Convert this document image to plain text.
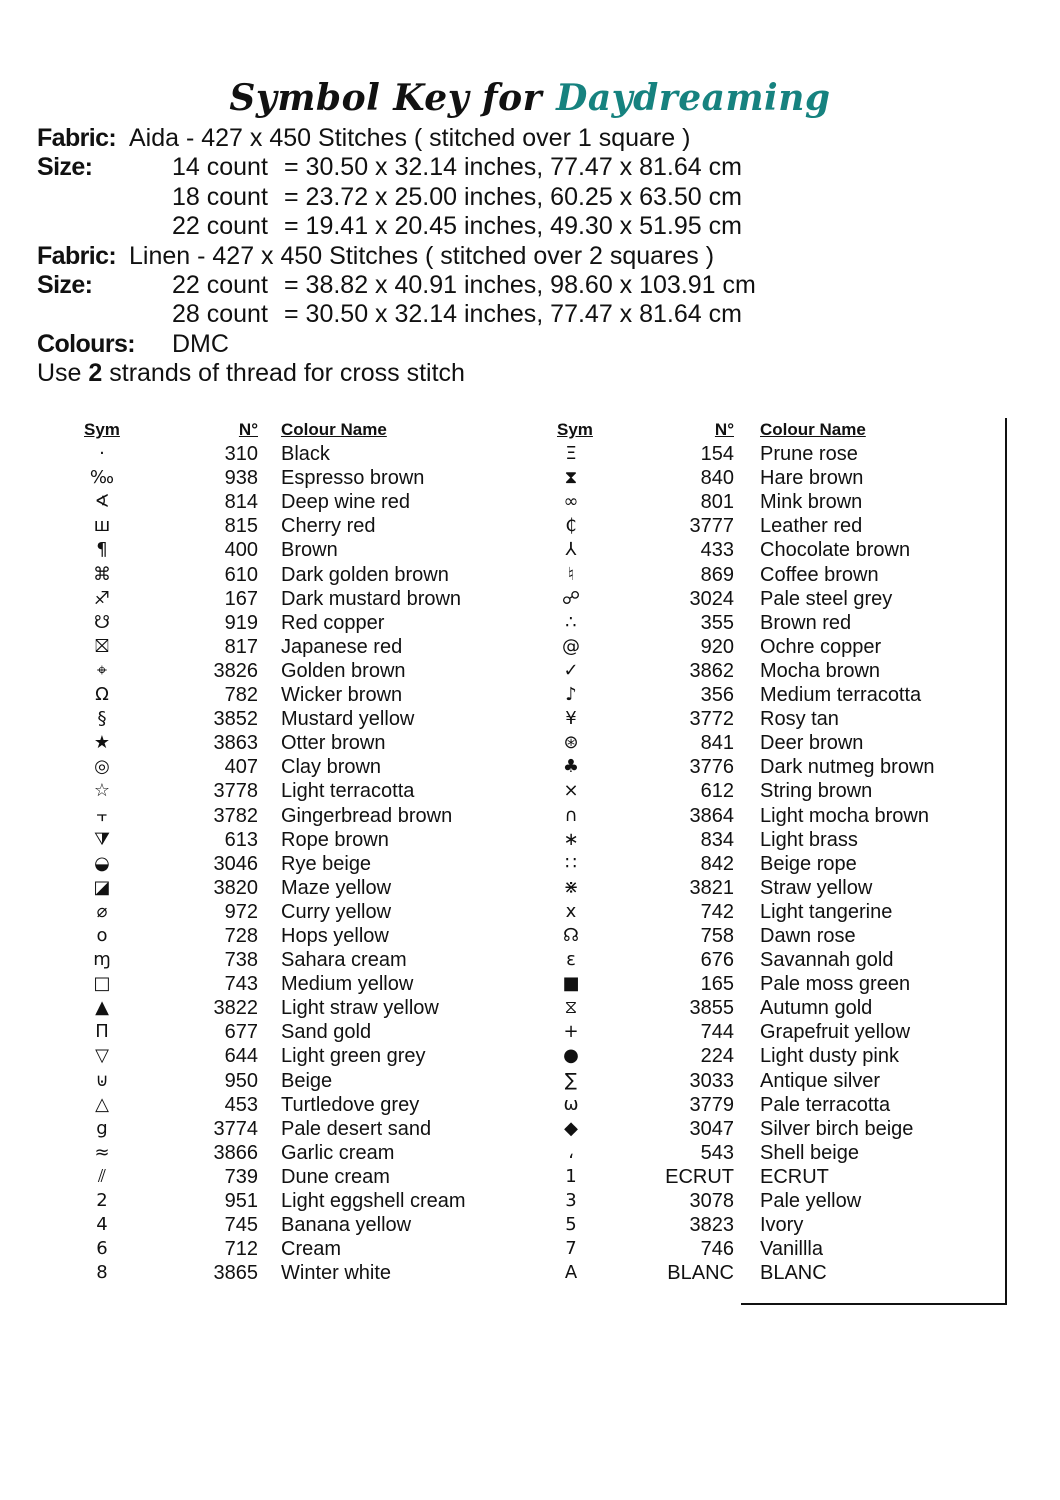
Symbol Key for Daydreaming
Fabric: Aida - 427 x 450 Stitches ( stitched over 1 square )
Size:	14 count = 30.50 x 32.14 inches, 77.47 x 81.64 cm
18 count = 23.72 x 25.00 inches, 60.25 x 63.50 cm
22 count = 19.41 x 20.45 inches, 49.30 x 51.95 cm
Fabric: Linen - 427 x 450 Stitches ( stitched over 2 squares )
Size:	22 count = 38.82 x 40.91 inches, 98.60 x 103.91 cm
28 count = 30.50 x 32.14 inches, 77.47 x 81.64 cm
Colours: DMC
Use 2 strands of thread for cross stitch
Sym	N° Colour Name
·	310 Black
‰	938 Espresso brown
∢	814 Deep wine red
ш	815 Cherry red
¶	400 Brown
⌘	610 Dark golden brown
♐	167 Dark mustard brown
☋	919 Red copper
⛝	817 Japanese red
⌖	3826 Golden brown
Ω	782 Wicker brown
§	3852 Mustard yellow
★	3863 Otter brown
◎	407 Clay brown
☆	3778 Light terracotta
⫟	3782 Gingerbread brown
⧩	613 Rope brown
◒	3046 Rye beige
◪	3820 Maze yellow
⌀	972 Curry yellow
o	728 Hops yellow
ɱ	738 Sahara cream
□	743 Medium yellow
▲	3822 Light straw yellow
Π	677 Sand gold
▽	644 Light green grey
⊍	950 Beige
△	453 Turtledove grey
g	3774 Pale desert sand
≈	3866 Garlic cream
⫽	739 Dune cream
2	951 Light eggshell cream
4	745 Banana yellow
6	712 Cream
8	3865 Winter white
Sym	N° Colour Name
Ξ	154 Prune rose
⧗	840 Hare brown
∞	801 Mink brown
₵	3777 Leather red
⅄	433 Chocolate brown
♮	869 Coffee brown
☍	3024 Pale steel grey
∴	355 Brown red
@	920 Ochre copper
✓	3862 Mocha brown
♪	356 Medium terracotta
¥	3772 Rosy tan
⊛	841 Deer brown
♣	3776 Dark nutmeg brown
⨯	612 String brown
∩	3864 Light mocha brown
∗	834 Light brass
∷	842 Beige rope
⋇	3821 Straw yellow
x	742 Light tangerine
☊	758 Dawn rose
ɛ	676 Savannah gold
■	165 Pale moss green
⧖	3855 Autumn gold
+	744 Grapefruit yellow
●	224 Light dusty pink
∑	3033 Antique silver
ω	3779 Pale terracotta
◆	3047 Silver birch beige
،	543 Shell beige
1	ECRUT ECRUT
3	3078 Pale yellow
5	3823 Ivory
7	746 Vanillla
A	BLANC BLANC
